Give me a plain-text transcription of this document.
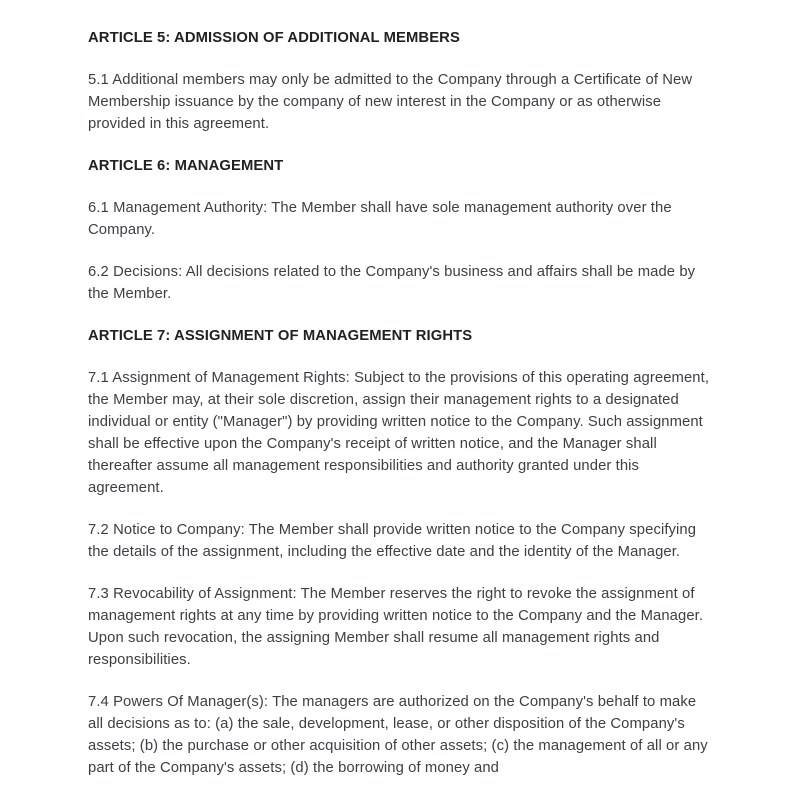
ARTICLE 5: ADMISSION OF ADDITIONAL MEMBERS

5.1 Additional members may only be admitted to the Company through a Certificate of New Membership issuance by the company of new interest in the Company or as otherwise provided in this agreement.

ARTICLE 6: MANAGEMENT

6.1 Management Authority: The Member shall have sole management authority over the Company.

6.2 Decisions: All decisions related to the Company's business and affairs shall be made by the Member.

ARTICLE 7: ASSIGNMENT OF MANAGEMENT RIGHTS

7.1 Assignment of Management Rights: Subject to the provisions of this operating agreement, the Member may, at their sole discretion, assign their management rights to a designated individual or entity ("Manager") by providing written notice to the Company. Such assignment shall be effective upon the Company's receipt of written notice, and the Manager shall thereafter assume all management responsibilities and authority granted under this agreement.

7.2 Notice to Company: The Member shall provide written notice to the Company specifying the details of the assignment, including the effective date and the identity of the Manager.

7.3 Revocability of Assignment: The Member reserves the right to revoke the assignment of management rights at any time by providing written notice to the Company and the Manager. Upon such revocation, the assigning Member shall resume all management rights and responsibilities.

7.4 Powers Of Manager(s): The managers are authorized on the Company's behalf to make all decisions as to: (a) the sale, development, lease, or other disposition of the Company's assets; (b) the purchase or other acquisition of other assets; (c) the management of all or any part of the Company's assets; (d) the borrowing of money and
